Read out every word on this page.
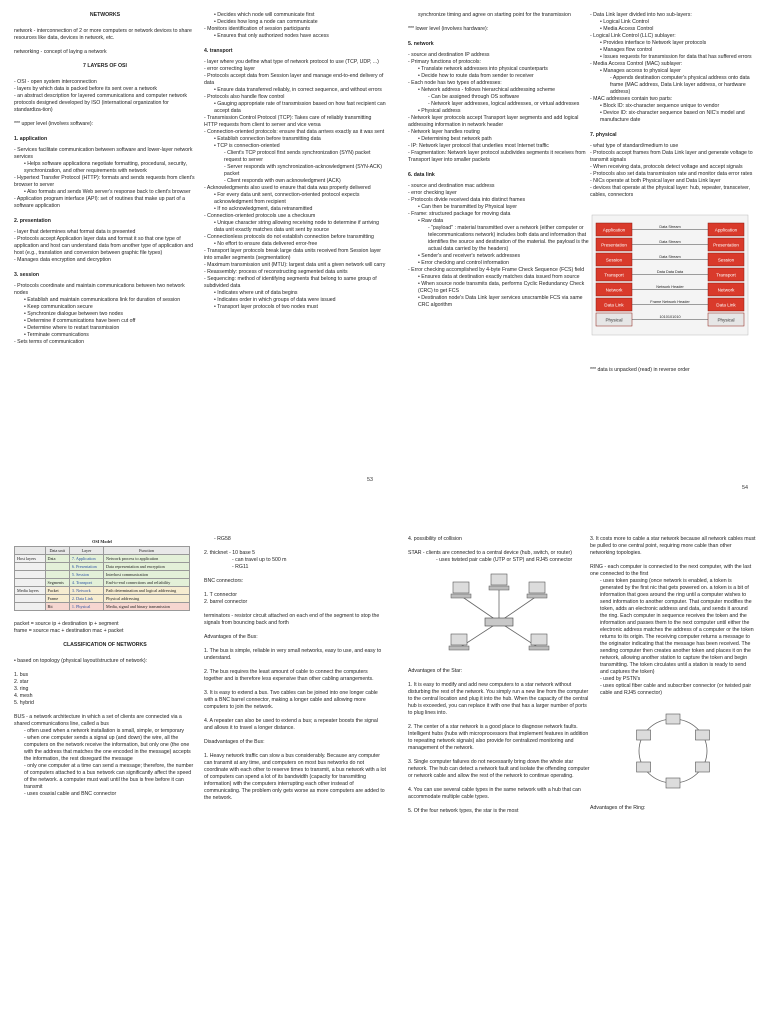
NETWORKS

network - interconnection of 2 or more computers or network devices to share resources like data, devices in network, etc.

networking - concept of laying a network

7 LAYERS OF OSI

- OSI - open system interconnection

- layers by which data is packed before its sent over a network

- an abstract description for layered communications and computer network protocols designed developed by ISO (international organization for standardiza-tion)

*** upper level (involves software):

1. application

- Services facilitate communication between software and lower-layer network services

• Helps software applications negotiate formatting, procedural, security, synchronization, and other requirements with network

- Hypertext Transfer Protocol (HTTP): formats and sends requests from client's browser to server

• Also formats and sends Web server's response back to client's browser

- Application program interface (API): set of routines that make up part of a software application

2. presentation

- layer that determines what format data is presented

- Protocols accept Application layer data and format it so that one type of application and host can understand data from another type of application and host (e.g., translation and conversion between graphic file types)

- Manages data encryption and decryption

3. session

- Protocols coordinate and maintain communications between two network nodes

• Establish and maintain communications link for duration of session

• Keep communication secure

• Synchronize dialogue between two nodes

• Determine if communications have been cut off

• Determine where to restart transmission

• Terminate communications

- Sets terms of communication

• Decides which node will communicate first

• Decides how long a node can communicate

- Monitors identification of session participants

• Ensures that only authorized nodes have access

4. transport

- layer where you define what type of network protocol to use (TCP, UDP, ...)

- error correcting layer

- Protocols accept data from Session layer and manage end-to-end delivery of data

• Ensure data transferred reliably, in correct sequence, and without errors

- Protocols also handle flow control

• Gauging appropriate rate of transmission based on how fast recipient can accept data

- Transmission Control Protocol (TCP): Takes care of reliably transmitting HTTP requests from client to server and vice versa

- Connection-oriented protocols: ensure that data arrives exactly as it was sent

• Establish connection before transmitting data

• TCP is connection-oriented

- Client's TCP protocol first sends synchronization (SYN) packet request to server

- Server responds with synchronization-acknowledgment (SYN-ACK) packet

- Client responds with own acknowledgment (ACK)

- Acknowledgments also used to ensure that data was properly delivered

• For every data unit sent, connection-oriented protocol expects acknowledgment from recipient

• If no acknowledgment, data retransmitted

- Connection-oriented protocols use a checksum

• Unique character string allowing receiving node to determine if arriving data unit exactly matches data unit sent by source

- Connectionless protocols do not establish connection before transmitting

• No effort to ensure data delivered error-free

- Transport layer protocols break large data units received from Session layer into smaller segments (segmentation)

- Maximum transmission unit (MTU): largest data unit a given network will carry

- Reassembly: process of reconstructing segmented data units

- Sequencing: method of identifying segments that belong to same group of subdivided data

• Indicates where unit of data begins

• Indicates order in which groups of data were issued

• Transport layer protocols of two nodes must

synchronize timing and agree on starting point for the transmission

*** lower level (involves hardware):

5. network

- source and destination IP address

- Primary functions of protocols:

• Translate network addresses into physical counterparts

• Decide how to route data from sender to receiver

- Each node has two types of addresses:

• Network address - follows hierarchical addressing scheme

- Can be assigned through OS software

- Network layer addresses, logical addresses, or virtual addresses

• Physical address

- Network layer protocols accept Transport layer segments and add logical addressing information in network header

- Network layer handles routing

• Determining best network path

- IP: Network layer protocol that underlies most Internet traffic

- Fragmentation: Network layer protocol subdivides segments it receives from Transport layer into smaller packets

6. data link

- source and destination mac address

- error checking layer

- Protocols divide received data into distinct frames

• Can then be transmitted by Physical layer

- Frame: structured package for moving data

• Raw data

- "payload" : material transmitted over a network (either computer or telecommunications network) includes both data and information that identifies the source and destination of the material. the payload is the actual data carried by the headers)

• Sender's and receiver's network addresses

• Error checking and control information

- Error checking accomplished by 4-byte Frame Check Sequence (FCS) field

• Ensures data at destination exactly matches data issued from source

• When source node transmits data, performs Cyclic Redundancy Check (CRC) to get FCS

• Destination node's Data Link layer services unscramble FCS via same CRC algorithm

- Data Link layer divided into two sub-layers:

• Logical Link Control

• Media Access Control

- Logical Link Control (LLC) sublayer:

• Provides interface to Network layer protocols

• Manages flow control

• Issues requests for transmission for data that has suffered errors

- Media Access Control (MAC) sublayer:

• Manages access to physical layer

- Appends destination computer's physical address onto data frame (MAC address, Data Link layer address, or hardware address)

- MAC addresses contain two parts:

• Block ID: six-character sequence unique to vendor

• Device ID: six-character sequence based on NIC's model and manufacture date

7. physical

- what type of standard/medium to use

- Protocols accept frames from Data Link layer and generate voltage to transmit signals

- When receiving data, protocols detect voltage and accept signals

- Protocols also set data transmission rate and monitor data error rates

- NICs operate at both Physical layer and Data Link layer

- devices that operate at the physical layer: hub, repeater, transceiver, cables, connectors

Application	Application
Data Stream
Presentation	Presentation
Data Stream
Session	Session
Data Stream
Transport	Transport
Data Data Data
Network	Network
Network Header
Data Link	Data Link
Frame Network Header
Physical	Physical
1010101010

*** data is unpacked (read) in reverse order

53
54
OSI Model			
	Data unit	Layer	Function
Host layers	Data	7. Application	Network process to application
		6. Presentation	Data representation and encryption
		5. Session	Interhost communication
	Segments	4. Transport	End-to-end connections and reliability
Media layers	Packet	3. Network	Path determination and logical addressing
	Frame	2. Data Link	Physical addressing
	Bit	1. Physical	Media, signal and binary transmission

packet = source ip + destination ip + segment

frame = source mac + destination mac + packet

CLASSIFICATION OF NETWORKS

• based on topology (physical layout/structure of network):

1. bus

2. star

3. ring

4. mesh

5. hybrid

BUS - a network architecture in which a set of clients are connected via a shared communications line, called a bus

- often used when a network installation is small, simple, or temporary

- when one computer sends a signal up (and down) the wire, all the computers on the network receive the information, but only one (the one with the address that matches the one encoded in the message) accepts the information, the rest disregard the message

- only one computer at a time can send a message; therefore, the number of computers attached to a bus network can significantly affect the speed of the network. a computer must wait until the bus is free before it can transmit

- uses coaxial cable and BNC connector

- RG58

2. thicknet - 10 base 5

- can travel up to 500 m

- RG11

BNC connectors:

1. T connector

2. barrel connector

terminators - resistor circuit attached on each end of the segment to stop the signals from bouncing back and forth

Advantages of the Bus:

1. The bus is simple, reliable in very small networks, easy to use, and easy to understand.

2. The bus requires the least amount of cable to connect the computers together and is therefore less expensive than other cabling arrangements.

3. It is easy to extend a bus. Two cables can be joined into one longer cable with a BNC barrel connector, making a longer cable and allowing more computers to join the network.

4. A repeater can also be used to extend a bus; a repeater boosts the signal and allows it to travel a longer distance.

Disadvantages of the Bus:

1. Heavy network traffic can slow a bus considerably. Because any computer can transmit at any time, and computers on most bus networks do not coordinate with each other to reserve times to transmit, a bus network with a lot of computers can spend a lot of its bandwidth (capacity for transmitting information) with the computers interrupting each other instead of communicating. The problem only gets worse as more computers are added to the network.

4. possibility of collision

STAR - clients are connected to a central device (hub, switch, or router)

- uses twisted pair cable (UTP or STP) and RJ45 connector

Advantages of the Star:

1. It is easy to modify and add new computers to a star network without disturbing the rest of the network. You simply run a new line from the computer to the central location and plug it into the hub. When the capacity of the central hub is exceeded, you can replace it with one that has a larger number of ports to plug lines into.

2. The center of a star network is a good place to diagnose network faults. Intelligent hubs (hubs with microprocessors that implement features in addition to repeating network signals) also provide for centralized monitoring and management of the network.

3. Single computer failures do not necessarily bring down the whole star network. The hub can detect a network fault and isolate the offending computer or network cable and allow the rest of the network to continue operating.

4. You can use several cable types in the same network with a hub that can accommodate multiple cable types.

5. Of the four network types, the star is the most

3. It costs more to cable a star network because all network cables must be pulled to one central point, requiring more cable than other networking topologies.

RING - each computer is connected to the next computer, with the last one connected to the first

- uses token passing (once network is enabled, a token is generated by the first nic that gets powered on. a token is a bit of information that goes around the ring until a computer wishes to send information to another computer. That computer modifies the token, adds an electronic address and data, and sends it around the ring. Each computer in sequence receives the token and the information and passes them to the next computer until either the electronic address matches the address of a computer or the token returns to its origin. The receiving computer returns a message to the originator indicating that the message has been received. The sending computer then creates another token and places it on the network, allowing another station to capture the token and begin transmitting. The token circulates until a station is ready to send and captures the token)

- used by PSTN's

- uses optical fiber cable and subscriber connector (or twisted pair cable and RJ45 connector)

Advantages of the Ring:
